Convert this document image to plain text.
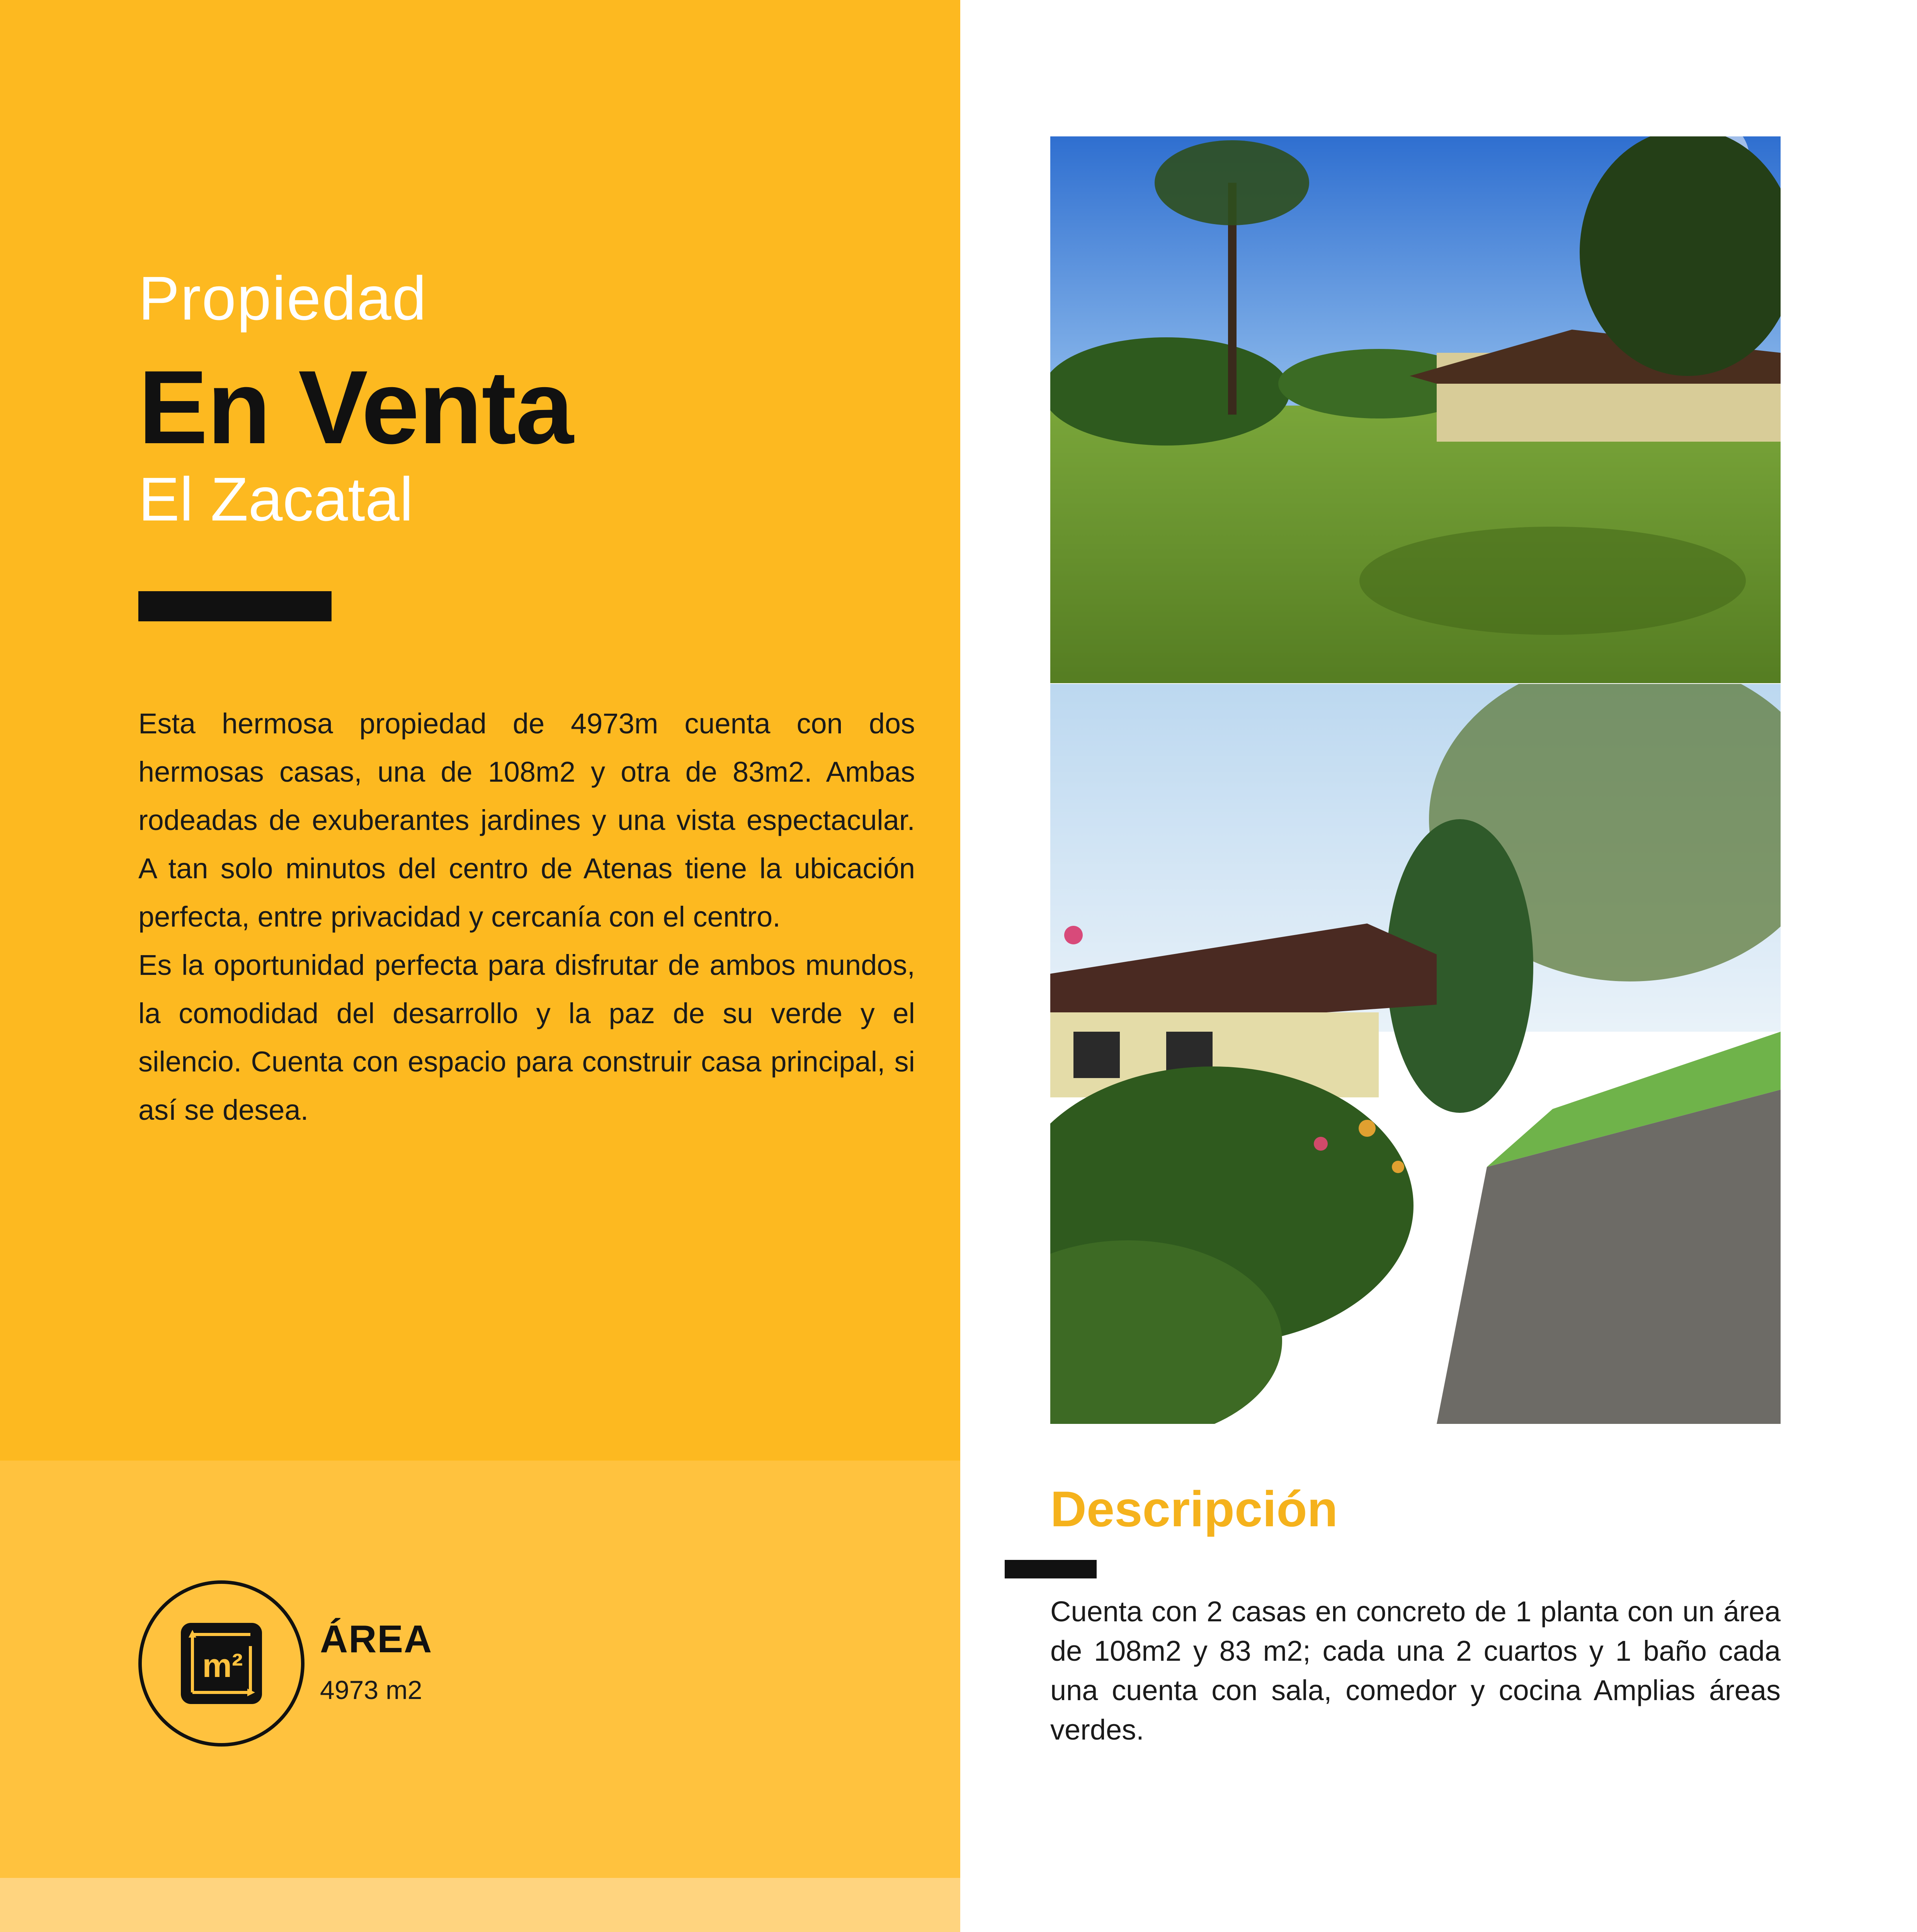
Propiedad
En Venta
El Zacatal

Esta hermosa propiedad de 4973m cuenta con dos hermosas casas, una de 108m2 y otra de 83m2. Ambas rodeadas de exuberantes jardines y una vista espectacular. A tan solo minutos del centro de Atenas tiene la ubicación perfecta, entre privacidad y cercanía con el centro.

Es la oportunidad perfecta para disfrutar de ambos mundos, la comodidad del desarrollo y la paz de su verde y el silencio. Cuenta con espacio para construir casa principal, si así se desea.

m²
ÁREA
4973 m2
Descripción
Cuenta con 2 casas en concreto de 1 planta con un área de 108m2 y 83 m2; cada una 2 cuartos y 1 baño cada una cuenta con sala, comedor y cocina Amplias áreas verdes.
